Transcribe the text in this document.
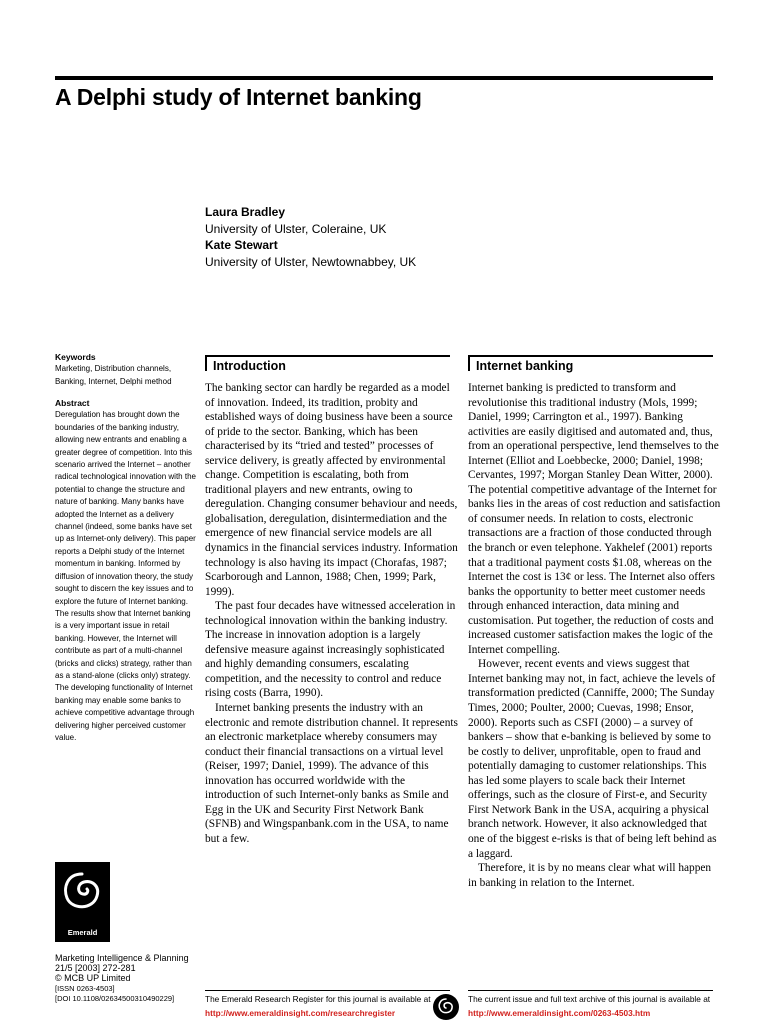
A Delphi study of Internet banking
Laura Bradley
University of Ulster, Coleraine, UK
Kate Stewart
University of Ulster, Newtownabbey, UK
Keywords

Marketing, Distribution channels, Banking, Internet, Delphi method

Abstract

Deregulation has brought down the boundaries of the banking industry, allowing new entrants and enabling a greater degree of competition. Into this scenario arrived the Internet – another radical technological innovation with the potential to change the structure and nature of banking. Many banks have adopted the Internet as a delivery channel (indeed, some banks have set up as Internet-only delivery). This paper reports a Delphi study of the Internet momentum in banking. Informed by diffusion of innovation theory, the study sought to discern the key issues and to explore the future of Internet banking. The results show that Internet banking is a very important issue in retail banking. However, the Internet will contribute as part of a multi-channel (bricks and clicks) strategy, rather than as a stand-alone (clicks only) strategy. The developing functionality of Internet banking may enable some banks to achieve competitive advantage through delivering higher perceived customer value.

Emerald
Marketing Intelligence & Planning
21/5 [2003] 272-281
© MCB UP Limited
[ISSN 0263-4503]
[DOI 10.1108/02634500310490229]
Introduction

The banking sector can hardly be regarded as a model of innovation. Indeed, its tradition, probity and established ways of doing business have been a source of pride to the sector. Banking, which has been characterised by its “tried and tested” processes of service delivery, is greatly affected by environmental change. Competition is escalating, both from traditional players and new entrants, owing to deregulation. Changing consumer behaviour and needs, globalisation, deregulation, disintermediation and the emergence of new financial service models are all dynamics in the financial services industry. Information technology is also having its impact (Chorafas, 1987; Scarborough and Lannon, 1988; Chen, 1999; Park, 1999).

The past four decades have witnessed acceleration in technological innovation within the banking industry. The increase in innovation adoption is a largely defensive measure against increasingly sophisticated and highly demanding consumers, escalating competition, and the necessity to control and reduce rising costs (Barra, 1990).

Internet banking presents the industry with an electronic and remote distribution channel. It represents an electronic marketplace whereby consumers may conduct their financial transactions on a virtual level (Reiser, 1997; Daniel, 1999). The advance of this innovation has occurred worldwide with the introduction of such Internet-only banks as Smile and Egg in the UK and Security First Network Bank (SFNB) and Wingspanbank.com in the USA, to name but a few.

Internet banking

Internet banking is predicted to transform and revolutionise this traditional industry (Mols, 1999; Daniel, 1999; Carrington et al., 1997). Banking activities are easily digitised and automated and, thus, from an operational perspective, lend themselves to the Internet (Elliot and Loebbecke, 2000; Daniel, 1998; Cervantes, 1997; Morgan Stanley Dean Witter, 2000). The potential competitive advantage of the Internet for banks lies in the areas of cost reduction and satisfaction of consumer needs. In relation to costs, electronic transactions are a fraction of those conducted through the branch or even telephone. Yakhelef (2001) reports that a traditional payment costs $1.08, whereas on the Internet the cost is 13¢ or less. The Internet also offers banks the opportunity to better meet customer needs through enhanced interaction, data mining and customisation. Put together, the reduction of costs and increased customer satisfaction makes the logic of the Internet compelling.

However, recent events and views suggest that Internet banking may not, in fact, achieve the levels of transformation predicted (Canniffe, 2000; The Sunday Times, 2000; Poulter, 2000; Cuevas, 1998; Ensor, 2000). Reports such as CSFI (2000) – a survey of bankers – show that e-banking is believed by some to be costly to deliver, unprofitable, open to fraud and potentially damaging to customer relationships. This has led some players to scale back their Internet offerings, such as the closure of First-e, and Security First Network Bank in the USA, acquiring a physical branch network. However, it also acknowledged that one of the biggest e-risks is that of being left behind as a laggard.

Therefore, it is by no means clear what will happen in banking in relation to the Internet.

The Emerald Research Register for this journal is available at
http://www.emeraldinsight.com/researchregister
The current issue and full text archive of this journal is available at
http://www.emeraldinsight.com/0263-4503.htm
